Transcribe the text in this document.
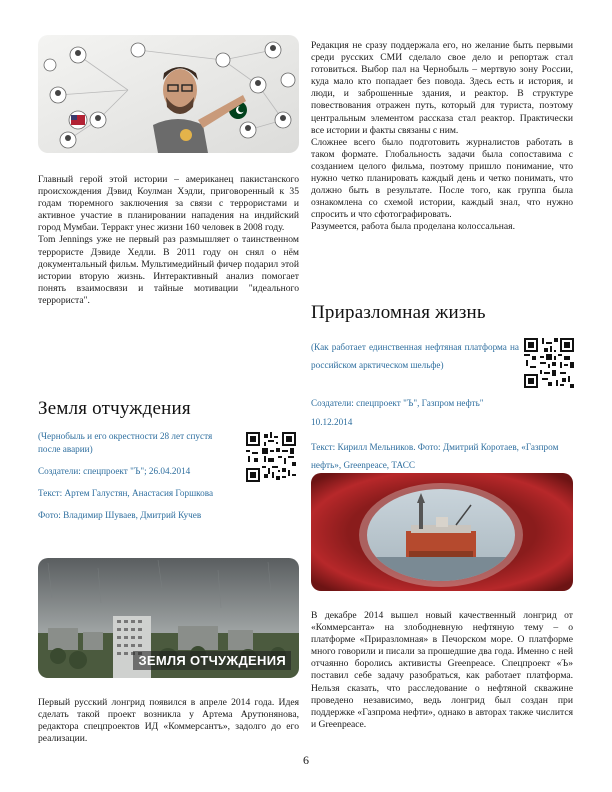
Главный герой этой истории – американец пакистанского происхождения Дэвид Коулман Хэдли, приговоренный к 35 годам тюремного заключения за связи с террористами и активное участие в планировании нападения на индийский город Мумбаи. Терракт унес жизни 160 человек в 2008 году.

Tom Jennings уже не первый раз размышляет о таинственном террористе Дэвиде Хедли. В 2011 году он снял о нём документальный фильм. Мультимедийный фичер подарил этой истории вторую жизнь. Интерактивный анализ помогает понять взаимосвязи и тайные мотивации "идеального террориста".

Земля отчуждения

(Чернобыль и его окрестности 28 лет спустя после аварии)

Создатели: спецпроект "Ъ"; 26.04.2014

Текст: Артем Галустян, Анастасия Горшкова

Фото: Владимир Шуваев, Дмитрий Кучев

ЗЕМЛЯ ОТЧУЖДЕНИЯ
Первый русский лонгрид появился в апреле 2014 года. Идея сделать такой проект возникла у Артема Арутюнянова, редактора спецпроектов ИД «Коммерсантъ», задолго до его реализации.

Редакция не сразу поддержала его, но желание быть первыми среди русских СМИ сделало свое дело и репортаж стал готовиться. Выбор пал на Чернобыль – мертвую зону России, куда мало кто попадает без повода. Здесь есть и история, и люди, и заброшенные здания, и реактор. В структуре повествования отражен путь, который для туриста, поэтому центральным элементом рассказа стал реактор. Практически все истории и факты связаны с ним.

Сложнее всего было подготовить журналистов работать в таком формате. Глобальность задачи была сопоставима с созданием целого фильма, поэтому пришло понимание, что нужно четко планировать каждый день и четко понимать, что должно быть в результате. После того, как группа была ознакомлена со схемой истории, каждый знал, что нужно спросить и что сфотографировать.

Разумеется, работа была проделана колоссальная.

Приразломная жизнь

(Как работает единственная нефтяная платформа на российском арктическом шельфе)

Создатели: спецпроект "Ъ", Газпром нефть"

10.12.2014

Текст: Кирилл Мельников. Фото: Дмитрий Коротаев, «Газпром нефть», Greenpeace, ТАСС

В декабре 2014 вышел новый качественный лонгрид от «Коммерсанта» на злободневную нефтяную тему – о платформе «Приразломная» в Печорском море. О платформе много говорили и писали за прошедшие два года. Именно с ней отчаянно боролись активисты Greenpeace. Спецпроект «Ъ» поставил себе задачу разобраться, как работает платформа. Нельзя сказать, что расследование о нефтяной скважине проведено независимо, ведь лонгрид был создан при поддержке «Газпрома нефти», однако в авторах также числится и Greenpeace.
6
